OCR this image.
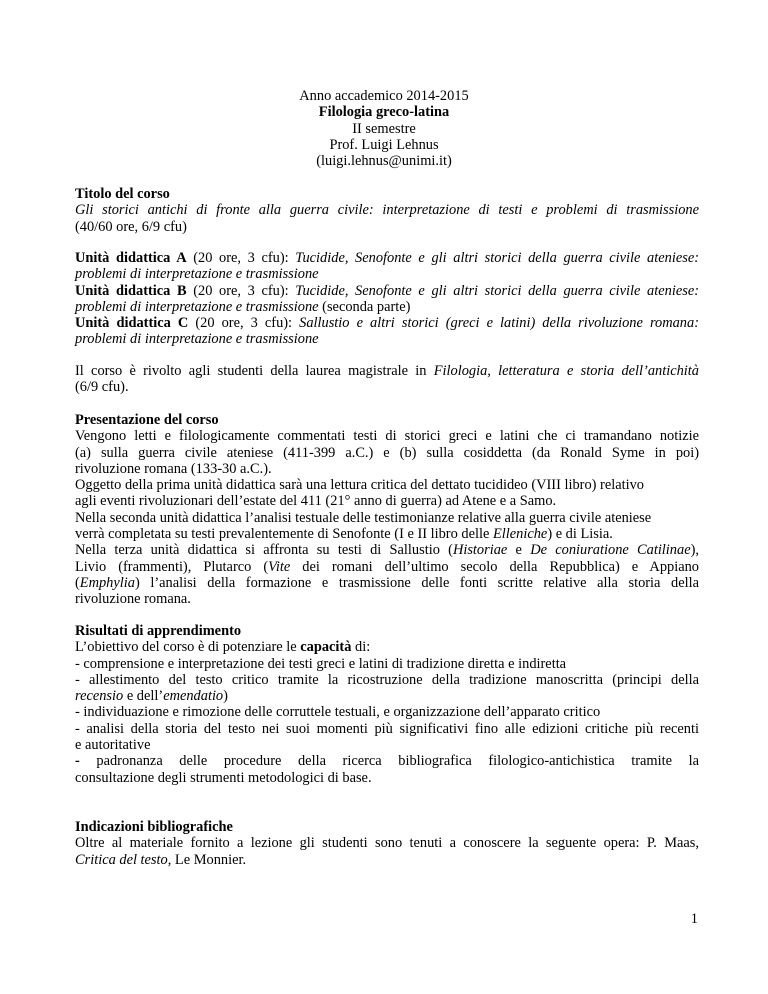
Anno accademico 2014-2015
Filologia greco-latina
II semestre
Prof. Luigi Lehnus
(luigi.lehnus@unimi.it)
Titolo del corso
Gli storici antichi di fronte alla guerra civile: interpretazione di testi e problemi di trasmissione
(40/60 ore, 6/9 cfu)
Unità didattica A (20 ore, 3 cfu): Tucidide, Senofonte e gli altri storici della guerra civile ateniese:
problemi di interpretazione e trasmissione
Unità didattica B (20 ore, 3 cfu): Tucidide, Senofonte e gli altri storici della guerra civile ateniese:
problemi di interpretazione e trasmissione (seconda parte)
Unità didattica C (20 ore, 3 cfu): Sallustio e altri storici (greci e latini) della rivoluzione romana:
problemi di interpretazione e trasmissione
Il corso è rivolto agli studenti della laurea magistrale in Filologia, letteratura e storia dell’antichità
(6/9 cfu).
Presentazione del corso
Vengono letti e filologicamente commentati testi di storici greci e latini che ci tramandano notizie
(a) sulla guerra civile ateniese (411-399 a.C.) e (b) sulla cosiddetta (da Ronald Syme in poi)
rivoluzione romana (133-30 a.C.).
Oggetto della prima unità didattica sarà una lettura critica del dettato tucidideo (VIII libro) relativo
agli eventi rivoluzionari dell’estate del 411 (21° anno di guerra) ad Atene e a Samo.
Nella seconda unità didattica l’analisi testuale delle testimonianze relative alla guerra civile ateniese
verrà completata su testi prevalentemente di Senofonte (I e II libro delle Elleniche) e di Lisia.
Nella terza unità didattica si affronta su testi di Sallustio (Historiae e De coniuratione Catilinae),
Livio (frammenti), Plutarco (Vite dei romani dell’ultimo secolo della Repubblica) e Appiano
(Emphylia) l’analisi della formazione e trasmissione delle fonti scritte relative alla storia della
rivoluzione romana.
Risultati di apprendimento
L’obiettivo del corso è di potenziare le capacità di:
- comprensione e interpretazione dei testi greci e latini di tradizione diretta e indiretta
- allestimento del testo critico tramite la ricostruzione della tradizione manoscritta (principi della
recensio e dell’emendatio)
- individuazione e rimozione delle corruttele testuali, e organizzazione dell’apparato critico
- analisi della storia del testo nei suoi momenti più significativi fino alle edizioni critiche più recenti
e autoritative
- padronanza delle procedure della ricerca bibliografica filologico-antichistica tramite la
consultazione degli strumenti metodologici di base.
Indicazioni bibliografiche
Oltre al materiale fornito a lezione gli studenti sono tenuti a conoscere la seguente opera: P. Maas,
Critica del testo, Le Monnier.
1
